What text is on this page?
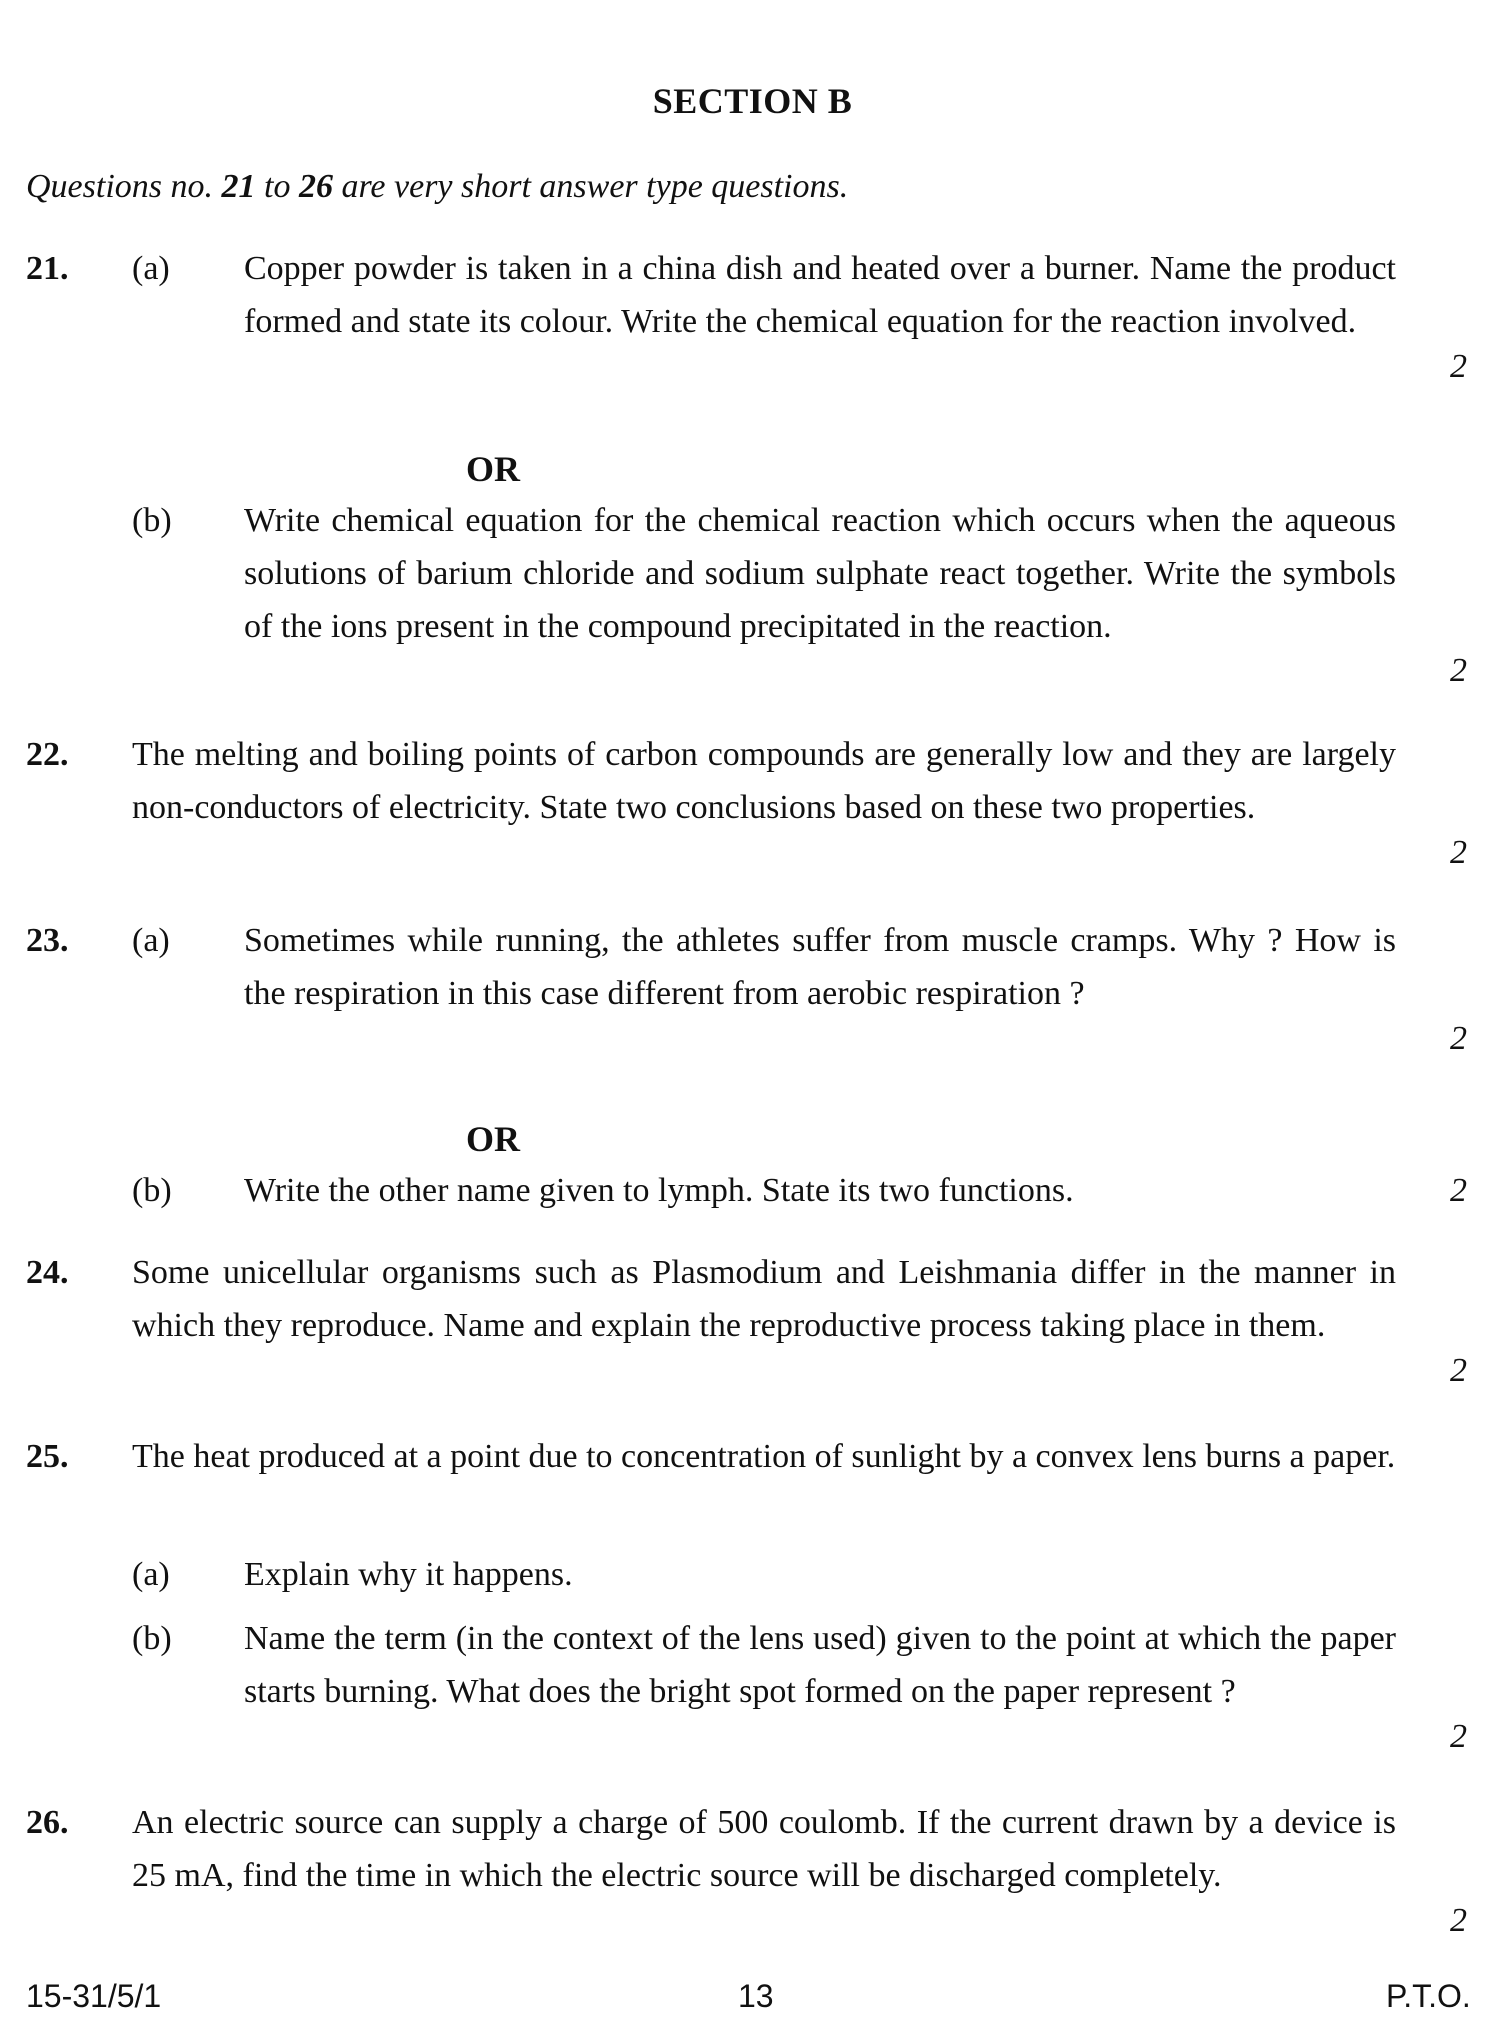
SECTION B
Questions no. 21 to 26 are very short answer type questions.
21. (a) Copper powder is taken in a china dish and heated over a burner. Name the product formed and state its colour. Write the chemical equation for the reaction involved.
2
OR
(b) Write chemical equation for the chemical reaction which occurs when the aqueous solutions of barium chloride and sodium sulphate react together. Write the symbols of the ions present in the compound precipitated in the reaction.
2
22. The melting and boiling points of carbon compounds are generally low and they are largely non-conductors of electricity. State two conclusions based on these two properties.
2
23. (a) Sometimes while running, the athletes suffer from muscle cramps. Why ? How is the respiration in this case different from aerobic respiration ?
2
OR
(b) Write the other name given to lymph. State its two functions.	2
24. Some unicellular organisms such as Plasmodium and Leishmania differ in the manner in which they reproduce. Name and explain the reproductive process taking place in them.
2
25. The heat produced at a point due to concentration of sunlight by a convex lens burns a paper.
(a) Explain why it happens.
(b) Name the term (in the context of the lens used) given to the point at which the paper starts burning. What does the bright spot formed on the paper represent ?
2
26. An electric source can supply a charge of 500 coulomb. If the current drawn by a device is 25 mA, find the time in which the electric source will be discharged completely.
2
15-31/5/1	13	P.T.O.
